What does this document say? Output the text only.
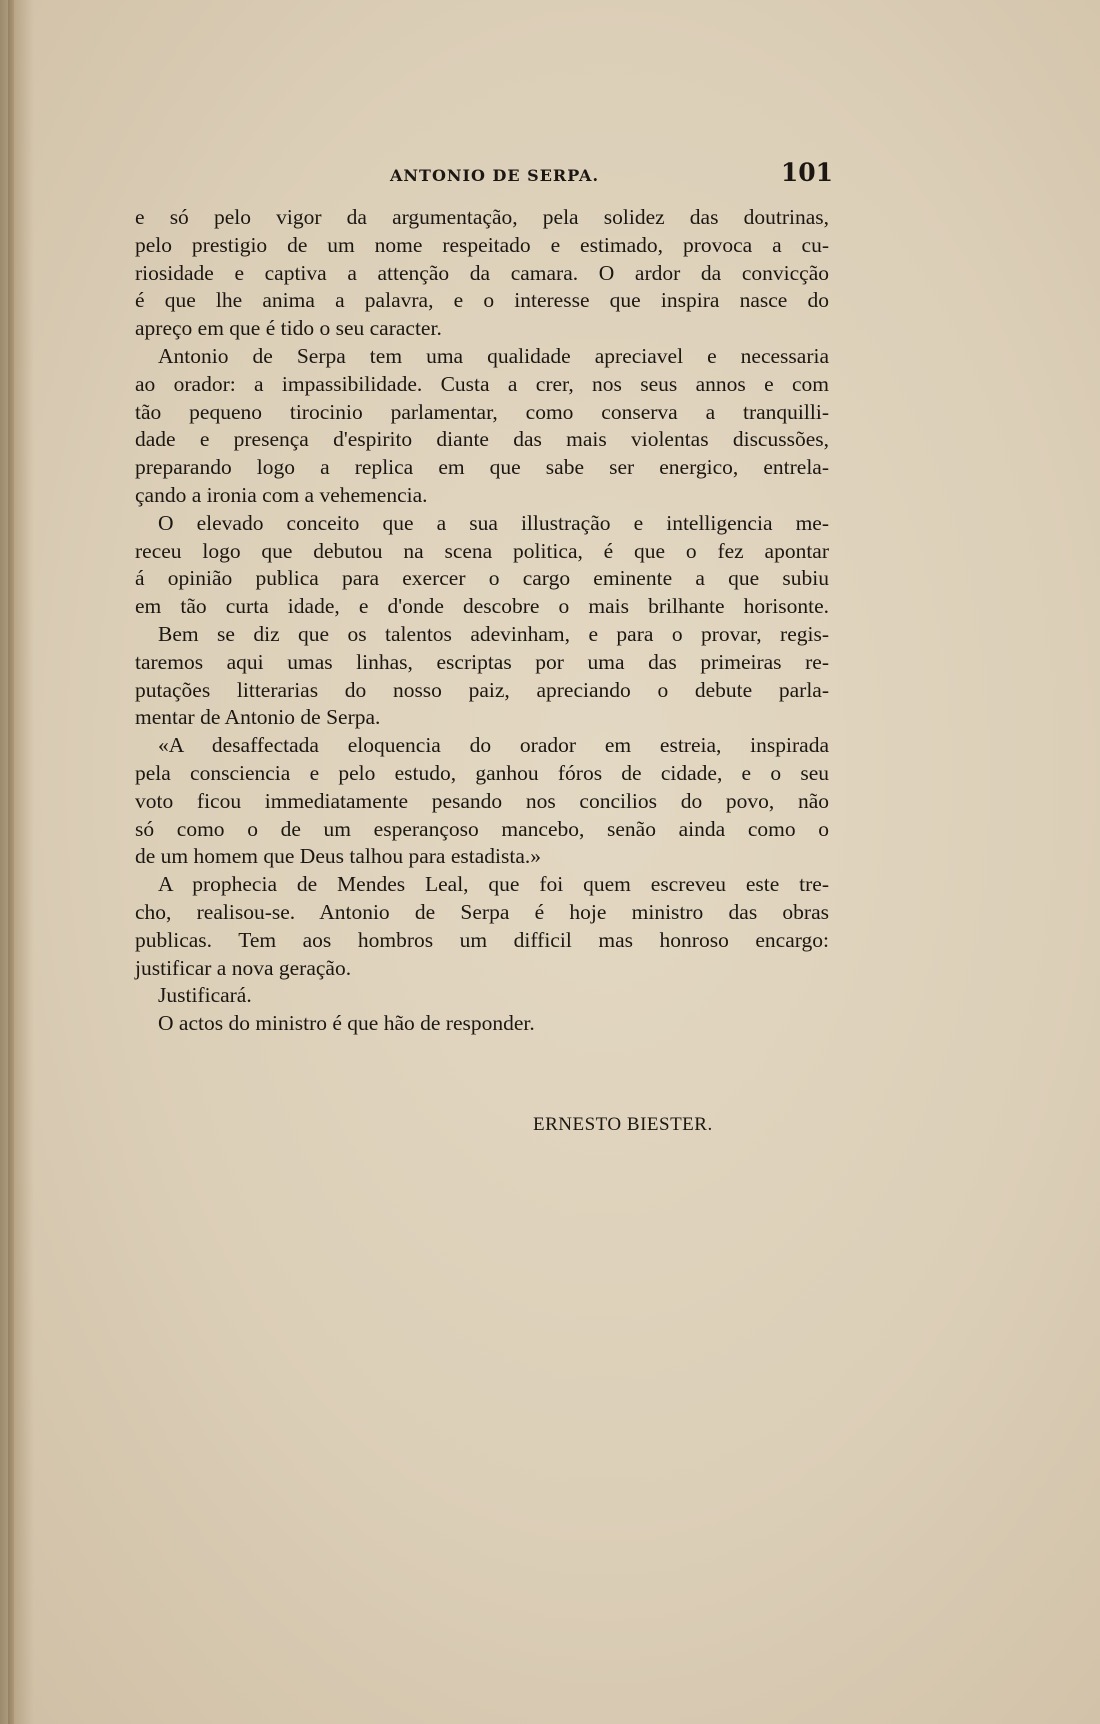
ANTONIO DE SERPA.	101
e só pelo vigor da argumentação, pela solidez das doutrinas,
pelo prestigio de um nome respeitado e estimado, provoca a cu-
riosidade e captiva a attenção da camara. O ardor da convicção
é que lhe anima a palavra, e o interesse que inspira nasce do
apreço em que é tido o seu caracter.
Antonio de Serpa tem uma qualidade apreciavel e necessaria
ao orador: a impassibilidade. Custa a crer, nos seus annos e com
tão pequeno tirocinio parlamentar, como conserva a tranquilli-
dade e presença d'espirito diante das mais violentas discussões,
preparando logo a replica em que sabe ser energico, entrela-
çando a ironia com a vehemencia.
O elevado conceito que a sua illustração e intelligencia me-
receu logo que debutou na scena politica, é que o fez apontar
á opinião publica para exercer o cargo eminente a que subiu
em tão curta idade, e d'onde descobre o mais brilhante horisonte.
Bem se diz que os talentos adevinham, e para o provar, regis-
taremos aqui umas linhas, escriptas por uma das primeiras re-
putações litterarias do nosso paiz, apreciando o debute parla-
mentar de Antonio de Serpa.
«A desaffectada eloquencia do orador em estreia, inspirada
pela consciencia e pelo estudo, ganhou fóros de cidade, e o seu
voto ficou immediatamente pesando nos concilios do povo, não
só como o de um esperançoso mancebo, senão ainda como o
de um homem que Deus talhou para estadista.»
A prophecia de Mendes Leal, que foi quem escreveu este tre-
cho, realisou-se. Antonio de Serpa é hoje ministro das obras
publicas. Tem aos hombros um difficil mas honroso encargo:
justificar a nova geração.
Justificará.
O actos do ministro é que hão de responder.
ERNESTO BIESTER.
